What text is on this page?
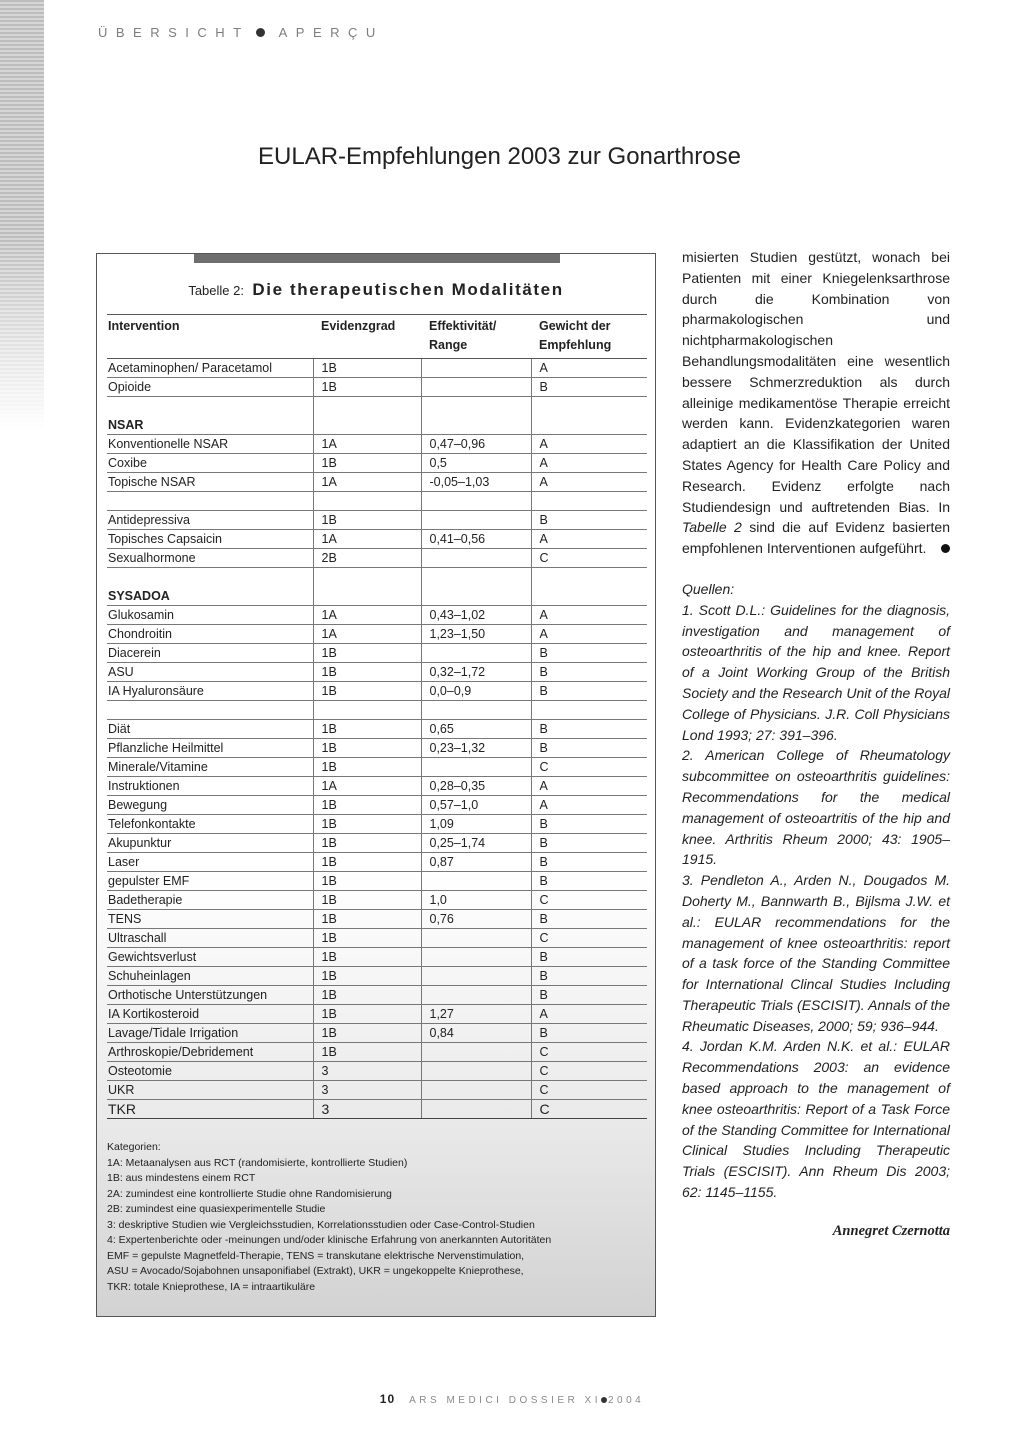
ÜBERSICHT APERÇU
EULAR-Empfehlungen 2003 zur Gonarthrose
Tabelle 2: Die therapeutischen Modalitäten
Intervention	Evidenzgrad	Effektivität/ Range	Gewicht der Empfehlung
Acetaminophen/ Paracetamol	1B		A
Opioide	1B		B
NSAR			
Konventionelle NSAR	1A	0,47–0,96	A
Coxibe	1B	0,5	A
Topische NSAR	1A	-0,05–1,03	A

Antidepressiva	1B		B
Topisches Capsaicin	1A	0,41–0,56	A
Sexualhormone	2B		C
SYSADOA			
Glukosamin	1A	0,43–1,02	A
Chondroitin	1A	1,23–1,50	A
Diacerein	1B		B
ASU	1B	0,32–1,72	B
IA Hyaluronsäure	1B	0,0–0,9	B

Diät	1B	0,65	B
Pflanzliche Heilmittel	1B	0,23–1,32	B
Minerale/Vitamine	1B		C
Instruktionen	1A	0,28–0,35	A
Bewegung	1B	0,57–1,0	A
Telefonkontakte	1B	1,09	B
Akupunktur	1B	0,25–1,74	B
Laser	1B	0,87	B
gepulster EMF	1B		B
Badetherapie	1B	1,0	C
TENS	1B	0,76	B
Ultraschall	1B		C
Gewichtsverlust	1B		B
Schuheinlagen	1B		B
Orthotische Unterstützungen	1B		B
IA Kortikosteroid	1B	1,27	A
Lavage/Tidale Irrigation	1B	0,84	B
Arthroskopie/Debridement	1B		C
Osteotomie	3		C
UKR	3		C
TKR	3		C
Kategorien:
1A: Metaanalysen aus RCT (randomisierte, kontrollierte Studien)
1B: aus mindestens einem RCT
2A: zumindest eine kontrollierte Studie ohne Randomisierung
2B: zumindest eine quasiexperimentelle Studie
3: deskriptive Studien wie Vergleichsstudien, Korrelationsstudien oder Case-Control-Studien
4: Expertenberichte oder -meinungen und/oder klinische Erfahrung von anerkannten Autoritäten
EMF = gepulste Magnetfeld-Therapie, TENS = transkutane elektrische Nervenstimulation,
ASU = Avocado/Sojabohnen unsaponifiabel (Extrakt), UKR = ungekoppelte Knieprothese,
TKR: totale Knieprothese, IA = intraartikuläre

misierten Studien gestützt, wonach bei Patienten mit einer Kniegelenksarthrose durch die Kombination von pharmakologischen und nichtpharmakologischen Behandlungsmodalitäten eine wesentlich bessere Schmerzreduktion als durch alleinige medikamentöse Therapie erreicht werden kann. Evidenzkategorien waren adaptiert an die Klassifikation der United States Agency for Health Care Policy and Research. Evidenz erfolgte nach Studiendesign und auftretenden Bias. In Tabelle 2 sind die auf Evidenz basierten empfohlenen Interventionen aufgeführt.

Quellen:
1. Scott D.L.: Guidelines for the diagnosis, investigation and management of osteoarthritis of the hip and knee. Report of a Joint Working Group of the British Society and the Research Unit of the Royal College of Physicians. J.R. Coll Physicians Lond 1993; 27: 391–396.
2. American College of Rheumatology subcommittee on osteoarthritis guidelines: Recommendations for the medical management of osteoartritis of the hip and knee. Arthritis Rheum 2000; 43: 1905–1915.
3. Pendleton A., Arden N., Dougados M. Doherty M., Bannwarth B., Bijlsma J.W. et al.: EULAR recommendations for the management of knee osteoarthritis: report of a task force of the Standing Committee for International Clincal Studies Including Therapeutic Trials (ESCISIT). Annals of the Rheumatic Diseases, 2000; 59; 936–944.
4. Jordan K.M. Arden N.K. et al.: EULAR Recommendations 2003: an evidence based approach to the management of knee osteoarthritis: Report of a Task Force of the Standing Committee for International Clinical Studies Including Therapeutic Trials (ESCISIT). Ann Rheum Dis 2003; 62: 1145–1155.
Annegret Czernotta
10 ARS MEDICI DOSSIER XI 2004
